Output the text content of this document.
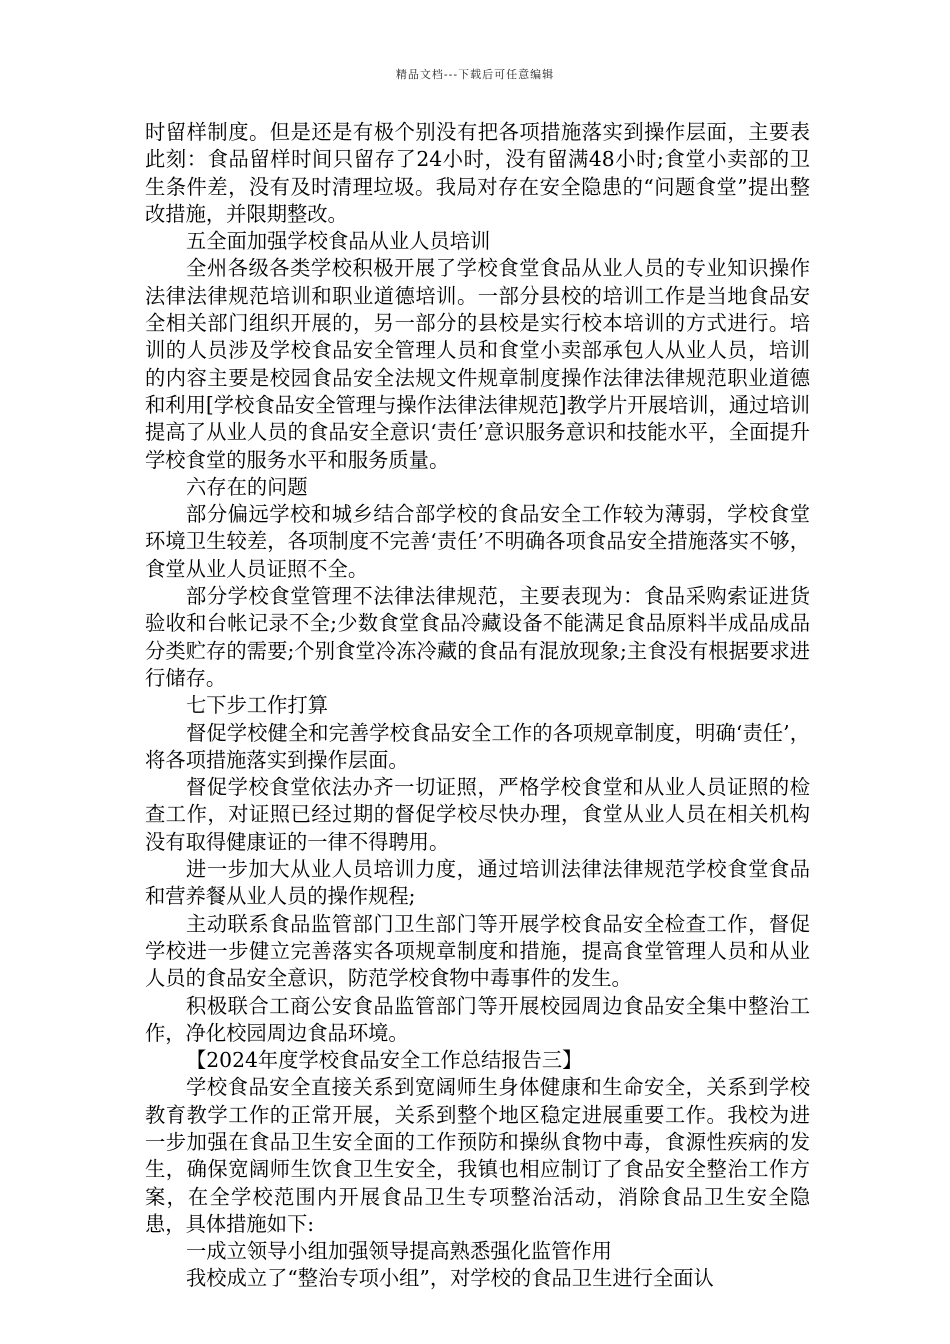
精品文档---下载后可任意编辑

时留样制度。但是还是有极个别没有把各项措施落实到操作层面，主要表此刻：食品留样时间只留存了24小时，没有留满48小时;食堂小卖部的卫生条件差，没有及时清理垃圾。我局对存在安全隐患的“问题食堂”提出整改措施，并限期整改。

五全面加强学校食品从业人员培训

全州各级各类学校积极开展了学校食堂食品从业人员的专业知识操作法律法律规范培训和职业道德培训。一部分县校的培训工作是当地食品安全相关部门组织开展的，另一部分的县校是实行校本培训的方式进行。培训的人员涉及学校食品安全管理人员和食堂小卖部承包人从业人员，培训的内容主要是校园食品安全法规文件规章制度操作法律法律规范职业道德和利用[学校食品安全管理与操作法律法律规范]教学片开展培训，通过培训提高了从业人员的食品安全意识‘责任’意识服务意识和技能水平，全面提升学校食堂的服务水平和服务质量。

六存在的问题

部分偏远学校和城乡结合部学校的食品安全工作较为薄弱，学校食堂环境卫生较差，各项制度不完善‘责任’不明确各项食品安全措施落实不够，食堂从业人员证照不全。

部分学校食堂管理不法律法律规范，主要表现为：食品采购索证进货验收和台帐记录不全;少数食堂食品冷藏设备不能满足食品原料半成品成品分类贮存的需要;个别食堂冷冻冷藏的食品有混放现象;主食没有根据要求进行储存。

七下步工作打算

督促学校健全和完善学校食品安全工作的各项规章制度，明确‘责任’，将各项措施落实到操作层面。

督促学校食堂依法办齐一切证照，严格学校食堂和从业人员证照的检查工作，对证照已经过期的督促学校尽快办理，食堂从业人员在相关机构没有取得健康证的一律不得聘用。

进一步加大从业人员培训力度，通过培训法律法律规范学校食堂食品和营养餐从业人员的操作规程;

主动联系食品监管部门卫生部门等开展学校食品安全检查工作，督促学校进一步健立完善落实各项规章制度和措施，提高食堂管理人员和从业人员的食品安全意识，防范学校食物中毒事件的发生。

积极联合工商公安食品监管部门等开展校园周边食品安全集中整治工作，净化校园周边食品环境。

【2024年度学校食品安全工作总结报告三】

学校食品安全直接关系到宽阔师生身体健康和生命安全，关系到学校教育教学工作的正常开展，关系到整个地区稳定进展重要工作。我校为进一步加强在食品卫生安全面的工作预防和操纵食物中毒，食源性疾病的发生，确保宽阔师生饮食卫生安全，我镇也相应制订了食品安全整治工作方案，在全学校范围内开展食品卫生专项整治活动，消除食品卫生安全隐患，具体措施如下:

一成立领导小组加强领导提高熟悉强化监管作用

我校成立了“整治专项小组”，对学校的食品卫生进行全面认
